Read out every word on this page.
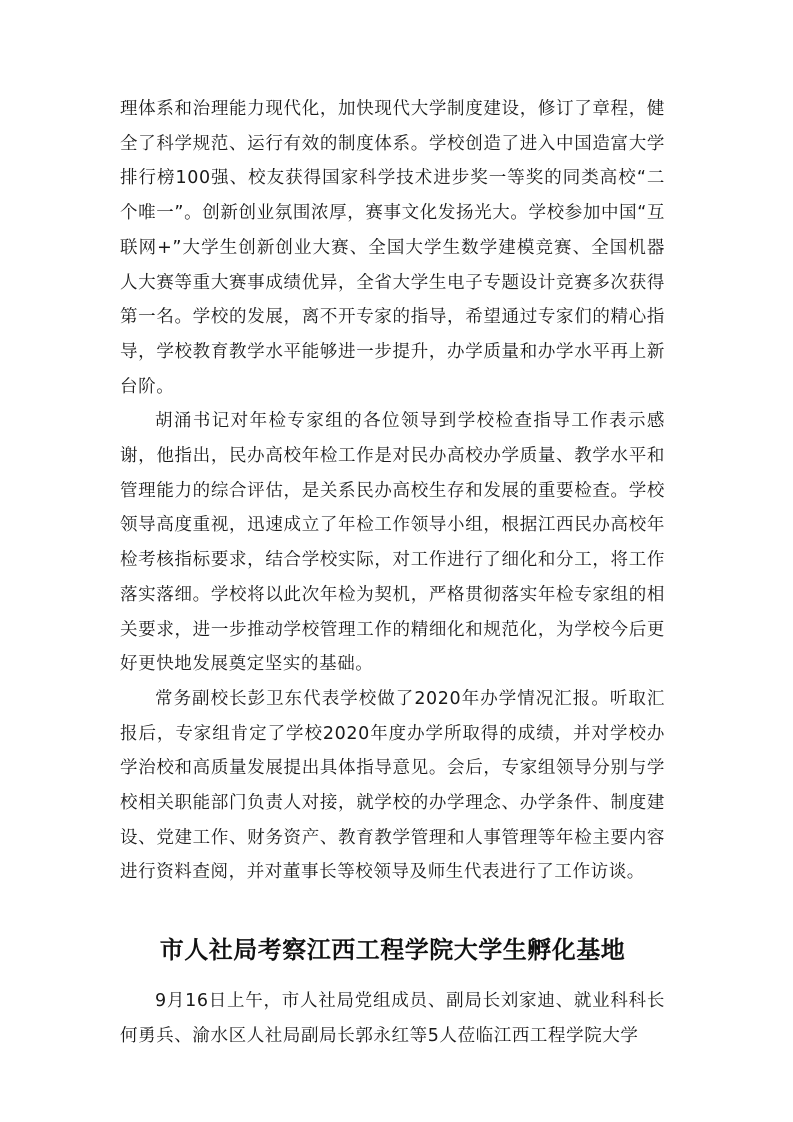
理体系和治理能力现代化，加快现代大学制度建设，修订了章程，健全了科学规范、运行有效的制度体系。学校创造了进入中国造富大学排行榜100强、校友获得国家科学技术进步奖一等奖的同类高校“二个唯一”。创新创业氛围浓厚，赛事文化发扬光大。学校参加中国“互联网+”大学生创新创业大赛、全国大学生数学建模竞赛、全国机器人大赛等重大赛事成绩优异，全省大学生电子专题设计竞赛多次获得第一名。学校的发展，离不开专家的指导，希望通过专家们的精心指导，学校教育教学水平能够进一步提升，办学质量和办学水平再上新台阶。

胡涌书记对年检专家组的各位领导到学校检查指导工作表示感谢，他指出，民办高校年检工作是对民办高校办学质量、教学水平和管理能力的综合评估，是关系民办高校生存和发展的重要检查。学校领导高度重视，迅速成立了年检工作领导小组，根据江西民办高校年检考核指标要求，结合学校实际，对工作进行了细化和分工，将工作落实落细。学校将以此次年检为契机，严格贯彻落实年检专家组的相关要求，进一步推动学校管理工作的精细化和规范化，为学校今后更好更快地发展奠定坚实的基础。

常务副校长彭卫东代表学校做了2020年办学情况汇报。听取汇报后，专家组肯定了学校2020年度办学所取得的成绩，并对学校办学治校和高质量发展提出具体指导意见。会后，专家组领导分别与学校相关职能部门负责人对接，就学校的办学理念、办学条件、制度建设、党建工作、财务资产、教育教学管理和人事管理等年检主要内容进行资料查阅，并对董事长等校领导及师生代表进行了工作访谈。

市人社局考察江西工程学院大学生孵化基地

9月16日上午，市人社局党组成员、副局长刘家迪、就业科科长何勇兵、渝水区人社局副局长郭永红等5人莅临江西工程学院大学
